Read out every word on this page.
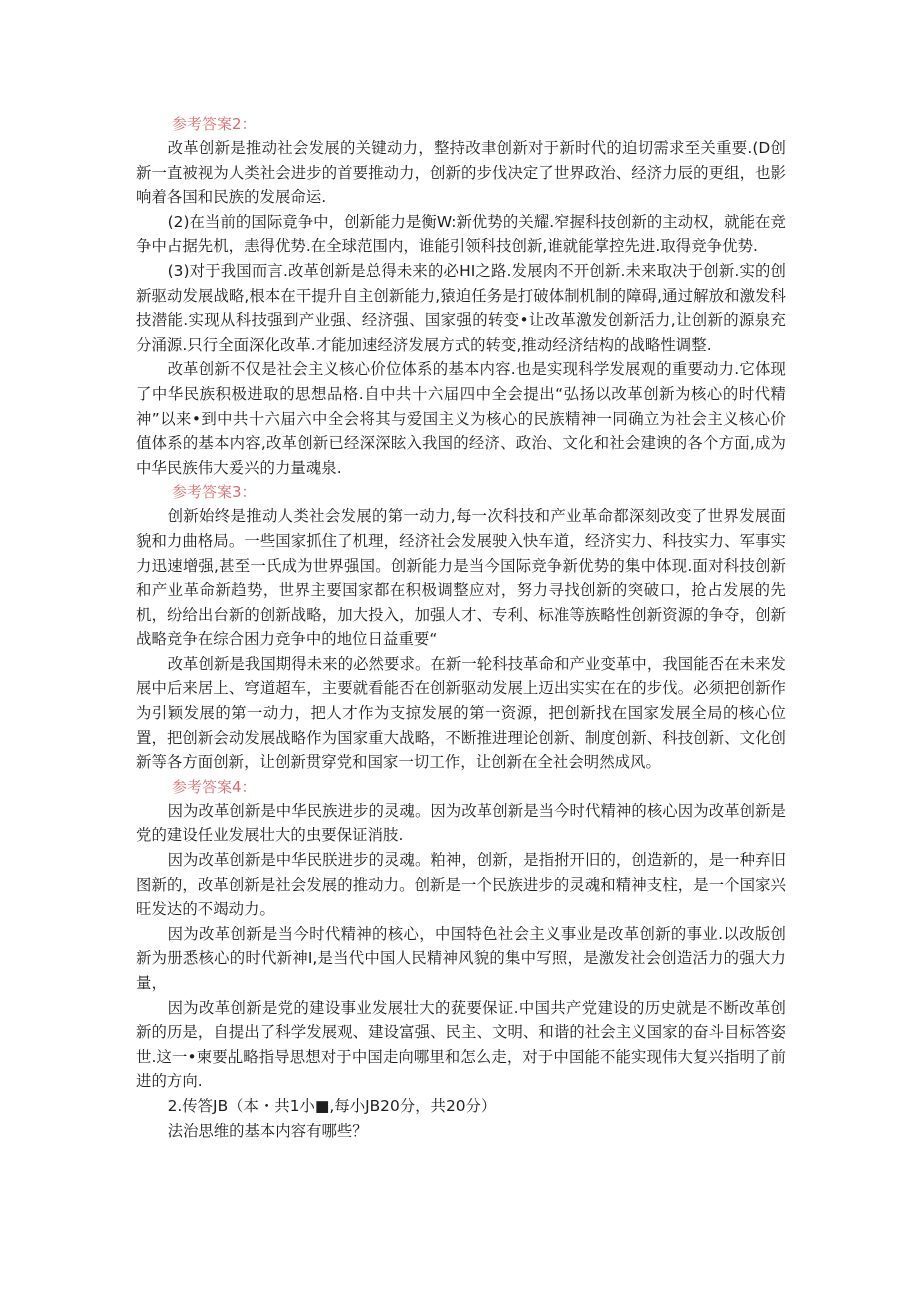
参考答案2：

改革创新是推动社会发展的关键动力，整持改聿创新对于新时代的迫切需求至关重要.(D创新一直被视为人类社会进步的首要推动力，创新的步伐决定了世界政治、经济力辰的更组，也影响着各国和民族的发展命运.

(2)在当前的国际竟争中，创新能力是衡W:新优势的关耀.窄握科技创新的主动权，就能在竞争中占据先机，恚得优势.在全球范围内，谁能引领科技创新,谁就能掌控先进.取得竞争优势.

(3)对于我国而言.改革创新是总得未来的必HI之路.发展肉不开创新.未来取决于创新.实的创新驱动发展战略,根本在干提升自主创新能力,猿迫任务是打破体制机制的障碍,通过解放和激发科技潜能.实现从科技强到产业强、经济强、国家强的转变•让改革激发创新活力,让创新的源泉充分涌源.只行全面深化改革.才能加速经济发展方式的转变,推动经济结构的战略性调整.

改革创新不仅是社会主义核心价位体系的基本内容.也是实现科学发展观的重要动力.它体现了中华民族积极进取的思想品格.自中共十六届四中全会提出“弘扬以改革创新为核心的时代精神”以来•到中共十六届六中全会将其与爱国主义为核心的民族精神一同确立为社会主义核心价值体系的基本内容,改革创新已经深深眩入我国的经济、政治、文化和社会建谀的各个方面,成为中华民族伟大爰兴的力量魂泉.

参考答案3：

创新始终是推动人类社会发展的第一动力,每一次科技和产业革命都深刻改变了世界发展面貌和力曲格局。一些国家抓住了机理，经济社会发展驶入快车道，经济实力、科技实力、军事实力迅速增强,甚至一氏成为世界强国。创新能力是当今国际竞争新优势的集中体现.面对科技创新和产业革命新趋势，世界主要国家都在积极调整应对，努力寻找创新的突破口，抢占发展的先机，纷给出台新的创新战略，加大投入，加强人才、专利、标准等族略性创新资源的争夺，创新战略竞争在综合困力竞争中的地位日益重要“

改革创新是我国期得未来的必然要求。在新一轮科技革命和产业变革中，我国能否在未来发展中后来居上、穹道超车，主要就看能否在创新驱动发展上迈出实实在在的步伐。必须把创新作为引颖发展的第一动力，把人才作为支掠发展的第一资源，把创新找在国家发展全局的核心位置，把创新会动发展战略作为国家重大战略，不断推进理论创新、制度创新、科技创新、文化创新等各方面创新，让创新贯穿党和国家一切工作，让创新在全社会明然成风。

参考答案4：

因为改革创新是中华民族进步的灵魂。因为改革创新是当今时代精神的核心因为改革创新是党的建设任业发展壮大的虫要保证消肢.

因为改革创新是中华民朕进步的灵魂。粕神，创新，是指拊开旧的，创造新的，是一种弃旧图新的，改革创新是社会发展的推动力。创新是一个民族进步的灵魂和精神支柱，是一个国家兴旺发达的不竭动力。

因为改革创新是当今时代精神的核心，中国特色社会主义事业是改革创新的事业.以改版创新为册悉核心的时代新神I,是当代中国人民精神风貌的集中写照，是激发社会创造活力的强大力量，

因为改革创新是党的建设事业发展壮大的莸要保证.中国共产党建设的历史就是不断改革创新的历是，自提出了科学发展观、建设富强、民主、文明、和谐的社会主义国家的奋斗目标答姿世.这一•柬要乩略指导思想对于中国走向哪里和怎么走，对于中国能不能实现伟大复兴指明了前进的方向.

2.传答JB（本・共1小■,每小JB20分，共20分）

法治思维的基本内容有哪些？
